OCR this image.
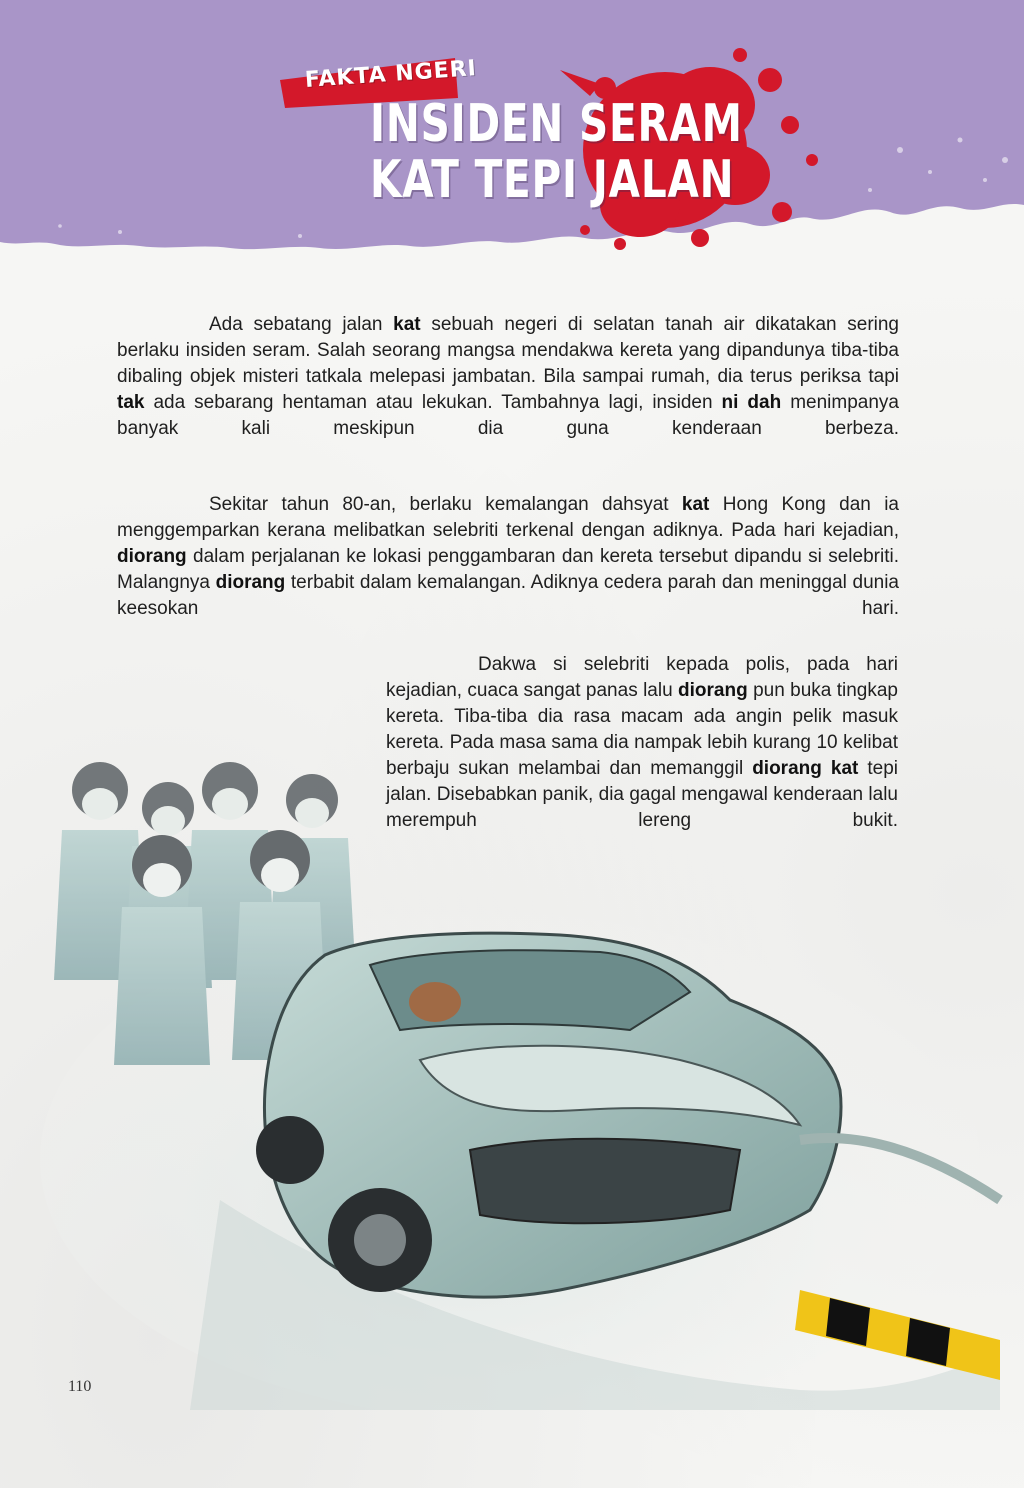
FAKTA NGERI
INSIDEN SERAM
KAT TEPI JALAN

Ada sebatang jalan kat sebuah negeri di selatan tanah air dikatakan sering berlaku insiden seram. Salah seorang mangsa mendakwa kereta yang dipandunya tiba-tiba dibaling objek misteri tatkala melepasi jambatan. Bila sampai rumah, dia terus periksa tapi tak ada sebarang hentaman atau lekukan. Tambahnya lagi, insiden ni dah menimpanya banyak kali meskipun dia guna kenderaan berbeza.

Sekitar tahun 80-an, berlaku kemalangan dahsyat kat Hong Kong dan ia menggemparkan kerana melibatkan selebriti terkenal dengan adiknya. Pada hari kejadian, diorang dalam perjalanan ke lokasi penggambaran dan kereta tersebut dipandu si selebriti. Malangnya diorang terbabit dalam kemalangan. Adiknya cedera parah dan meninggal dunia keesokan hari.

Dakwa si selebriti kepada polis, pada hari kejadian, cuaca sangat panas lalu diorang pun buka tingkap kereta. Tiba-tiba dia rasa macam ada angin pelik masuk kereta. Pada masa sama dia nampak lebih kurang 10 kelibat berbaju sukan melambai dan memanggil diorang kat tepi jalan. Disebabkan panik, dia gagal mengawal kenderaan lalu merempuh lereng bukit.

110
